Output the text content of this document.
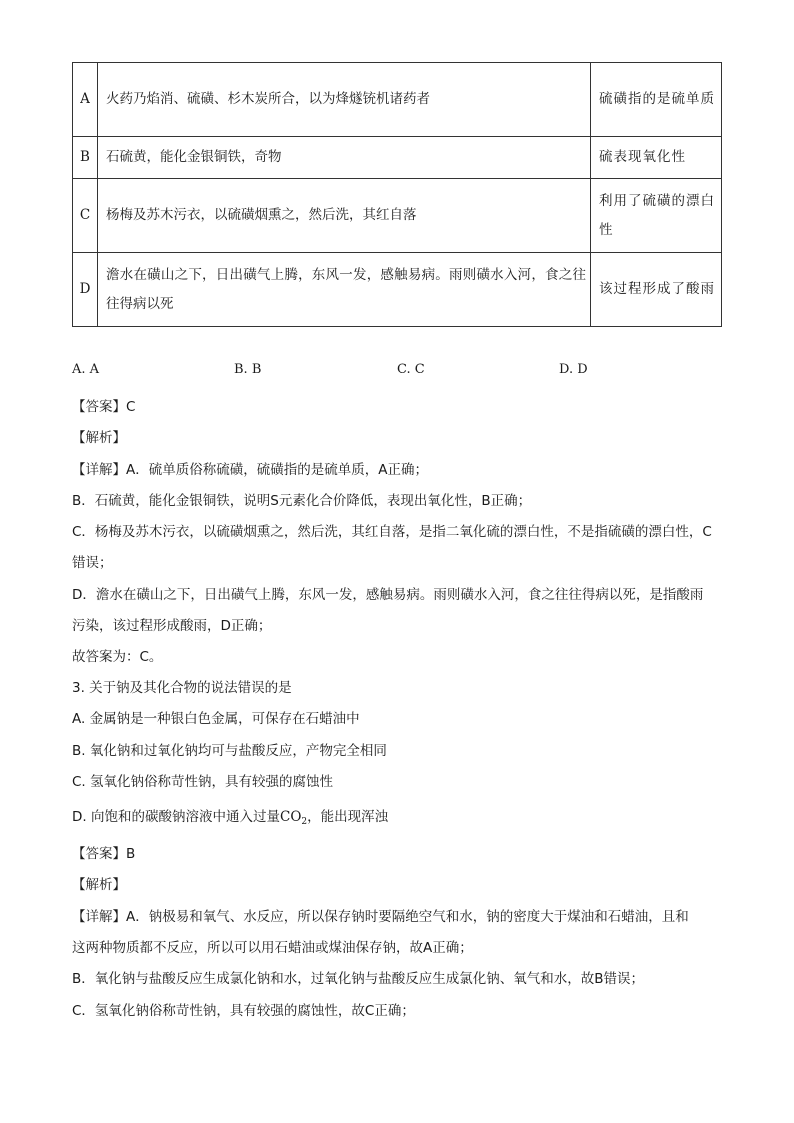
A	火药乃焰消、硫磺、杉木炭所合，以为烽燧铳机诸药者	硫磺指的是硫单质
B	石硫黄，能化金银铜铁，奇物	硫表现氧化性
C	杨梅及苏木污衣，以硫磺烟熏之，然后洗，其红自落	利用了硫磺的漂白性
D	澹水在磺山之下，日出磺气上腾，东风一发，感触易病。雨则磺水入河，食之往往得病以死	该过程形成了酸雨
A. A	B. B	C. C	D. D
【答案】C
【解析】
【详解】A．硫单质俗称硫磺，硫磺指的是硫单质，A正确；
B．石硫黄，能化金银铜铁，说明S元素化合价降低，表现出氧化性，B正确；
C．杨梅及苏木污衣，以硫磺烟熏之，然后洗，其红自落，是指二氧化硫的漂白性，不是指硫磺的漂白性，C
错误；
D．澹水在磺山之下，日出磺气上腾，东风一发，感触易病。雨则磺水入河，食之往往得病以死，是指酸雨
污染，该过程形成酸雨，D正确；
故答案为：C。
3. 关于钠及其化合物的说法错误的是
A. 金属钠是一种银白色金属，可保存在石蜡油中
B. 氧化钠和过氧化钠均可与盐酸反应，产物完全相同
C. 氢氧化钠俗称苛性钠，具有较强的腐蚀性
D. 向饱和的碳酸钠溶液中通入过量$CO_2$，能出现浑浊
【答案】B
【解析】
【详解】A．钠极易和氧气、水反应，所以保存钠时要隔绝空气和水，钠的密度大于煤油和石蜡油，且和
这两种物质都不反应，所以可以用石蜡油或煤油保存钠，故A正确；
B．氧化钠与盐酸反应生成氯化钠和水，过氧化钠与盐酸反应生成氯化钠、氧气和水，故B错误；
C．氢氧化钠俗称苛性钠，具有较强的腐蚀性，故C正确；
